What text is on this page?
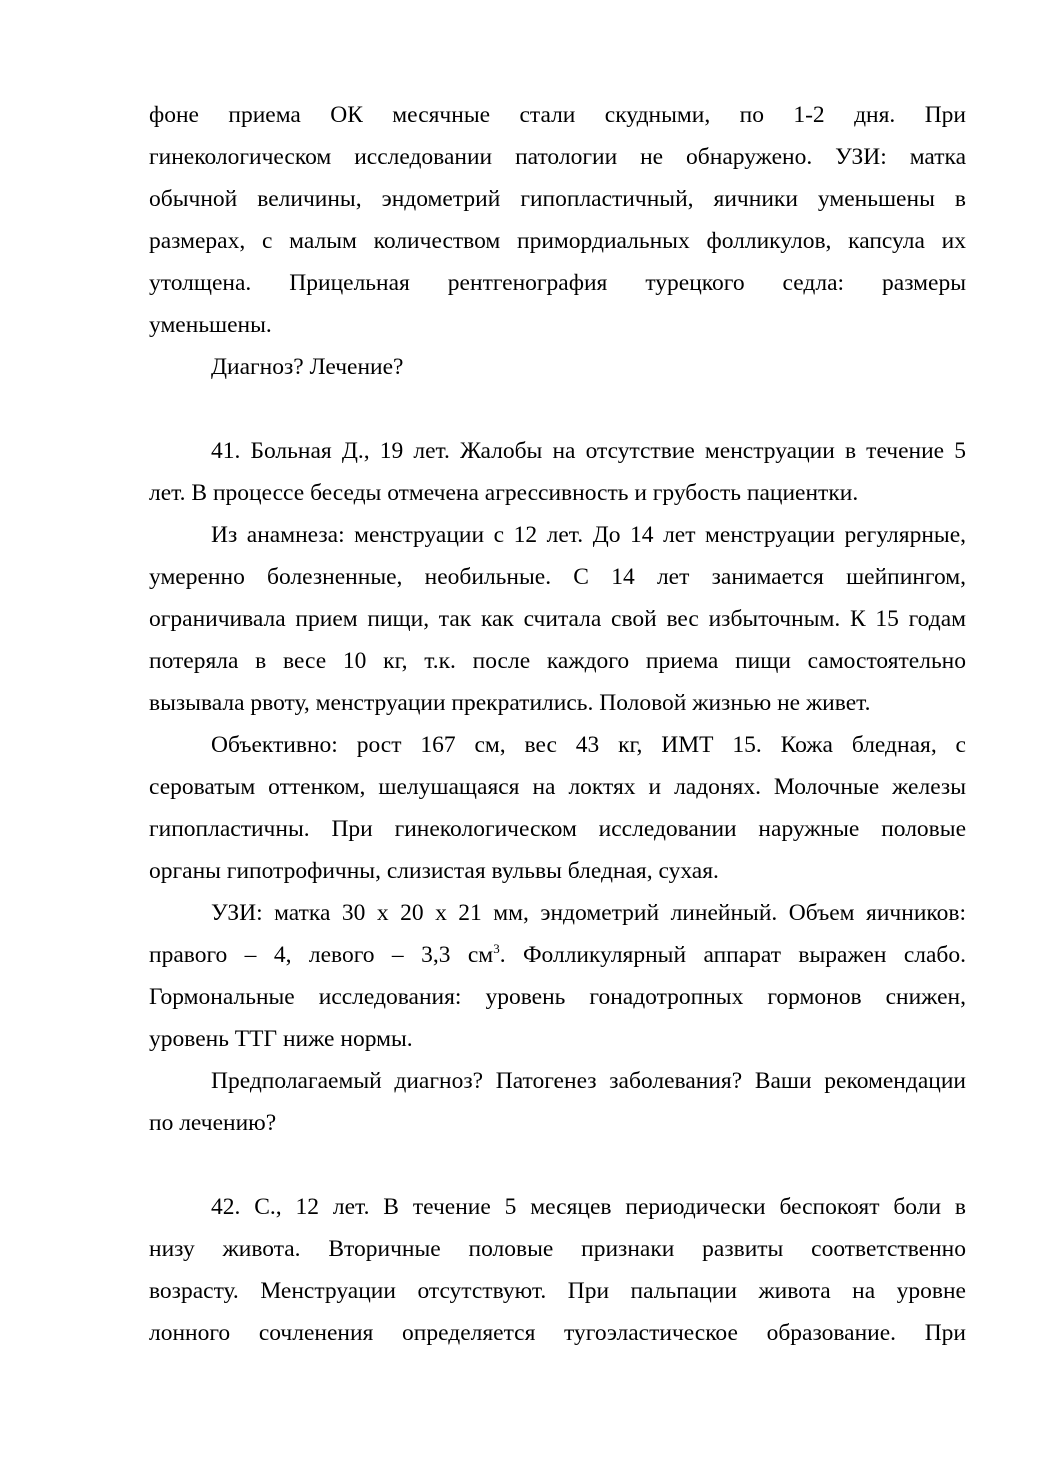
фоне приема ОК месячные стали скудными, по 1-2 дня. При
гинекологическом исследовании патологии не обнаружено. УЗИ: матка
обычной величины, эндометрий гипопластичный, яичники уменьшены в
размерах, с малым количеством примордиальных фолликулов, капсула их
утолщена. Прицельная рентгенография турецкого седла: размеры
уменьшены.
Диагноз? Лечение?
41. Больная Д., 19 лет. Жалобы на отсутствие менструации в течение 5
лет. В процессе беседы отмечена агрессивность и грубость пациентки.
Из анамнеза: менструации с 12 лет. До 14 лет менструации регулярные,
умеренно болезненные, необильные. С 14 лет занимается шейпингом,
ограничивала прием пищи, так как считала свой вес избыточным. К 15 годам
потеряла в весе 10 кг, т.к. после каждого приема пищи самостоятельно
вызывала рвоту, менструации прекратились. Половой жизнью не живет.
Объективно: рост 167 см, вес 43 кг, ИМТ 15. Кожа бледная, с
сероватым оттенком, шелушащаяся на локтях и ладонях. Молочные железы
гипопластичны. При гинекологическом исследовании наружные половые
органы гипотрофичны, слизистая вульвы бледная, сухая.
УЗИ: матка 30 х 20 х 21 мм, эндометрий линейный. Объем яичников:
правого – 4, левого – 3,3 $см^3$. Фолликулярный аппарат выражен слабо.
Гормональные исследования: уровень гонадотропных гормонов снижен,
уровень ТТГ ниже нормы.
Предполагаемый диагноз? Патогенез заболевания? Ваши рекомендации
по лечению?
42. С., 12 лет. В течение 5 месяцев периодически беспокоят боли в
низу живота. Вторичные половые признаки развиты соответственно
возрасту. Менструации отсутствуют. При пальпации живота на уровне
лонного сочленения определяется тугоэластическое образование. При
